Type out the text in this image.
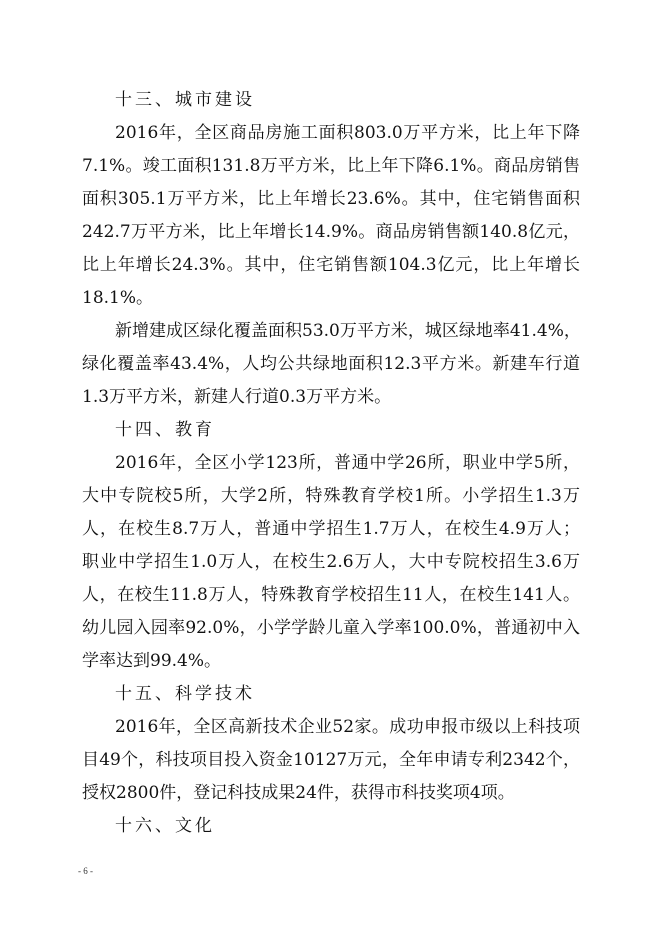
十三、城市建设
2016年，全区商品房施工面积803.0万平方米，比上年下降
7.1%。竣工面积131.8万平方米，比上年下降6.1%。商品房销售
面积305.1万平方米，比上年增长23.6%。其中，住宅销售面积
242.7万平方米，比上年增长14.9%。商品房销售额140.8亿元，
比上年增长24.3%。其中，住宅销售额104.3亿元，比上年增长
18.1%。
新增建成区绿化覆盖面积53.0万平方米，城区绿地率41.4%，
绿化覆盖率43.4%，人均公共绿地面积12.3平方米。新建车行道
1.3万平方米，新建人行道0.3万平方米。
十四、教育
2016年，全区小学123所，普通中学26所，职业中学5所，
大中专院校5所，大学2所，特殊教育学校1所。小学招生1.3万
人，在校生8.7万人，普通中学招生1.7万人，在校生4.9万人；
职业中学招生1.0万人，在校生2.6万人，大中专院校招生3.6万
人，在校生11.8万人，特殊教育学校招生11人，在校生141人。
幼儿园入园率92.0%，小学学龄儿童入学率100.0%，普通初中入
学率达到99.4%。
十五、科学技术
2016年，全区高新技术企业52家。成功申报市级以上科技项
目49个，科技项目投入资金10127万元，全年申请专利2342个，
授权2800件，登记科技成果24件，获得市科技奖项4项。
十六、文化
- 6 -
